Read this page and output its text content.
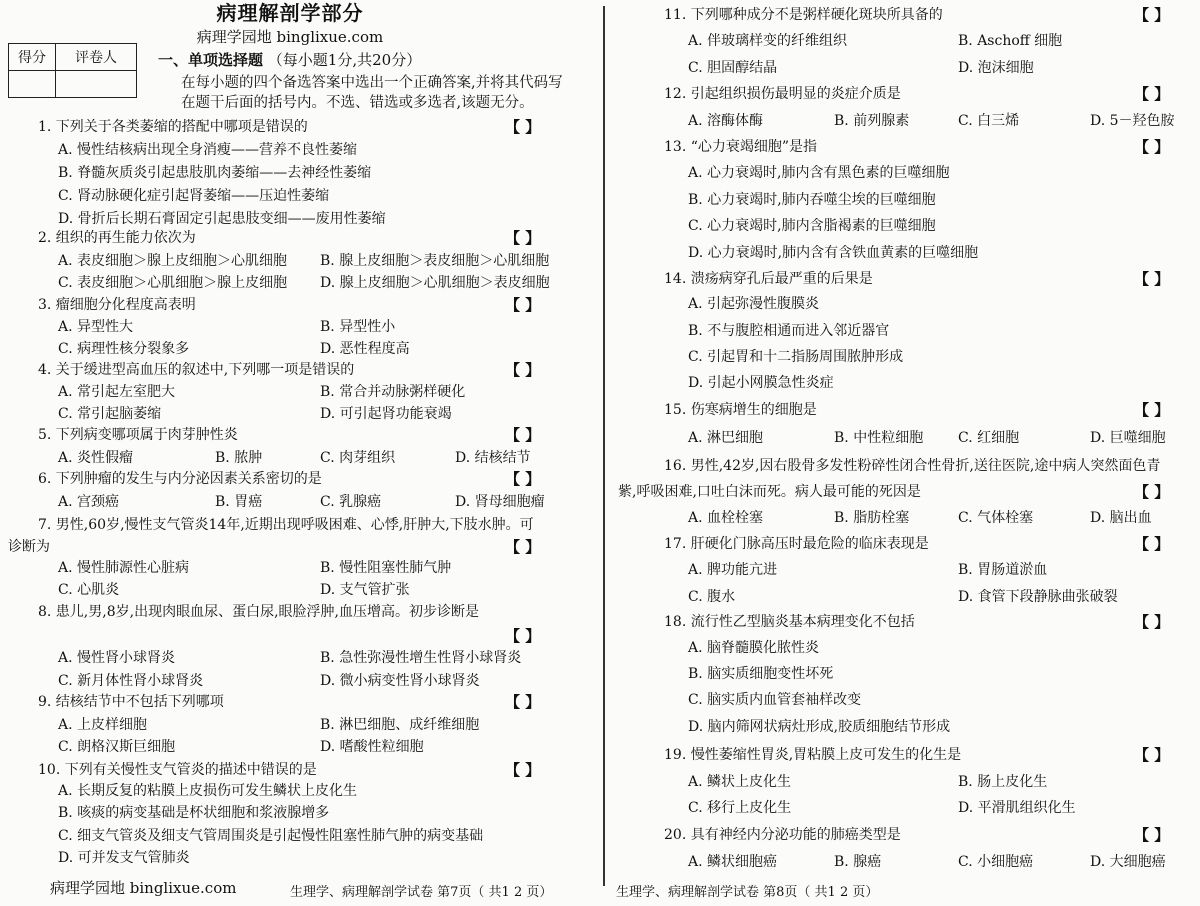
病理解剖学部分
病理学园地 binglixue.com
得分	评卷人
		一、单项选择题 （每小题1分,共20分）
在每小题的四个备选答案中选出一个正确答案,并将其代码写
在题干后面的括号内。不选、错选或多选者,该题无分。
1. 下列关于各类萎缩的搭配中哪项是错误的	【 】
A. 慢性结核病出现全身消瘦——营养不良性萎缩
B. 脊髓灰质炎引起患肢肌肉萎缩——去神经性萎缩
C. 肾动脉硬化症引起肾萎缩——压迫性萎缩
D. 骨折后长期石膏固定引起患肢变细——废用性萎缩
2. 组织的再生能力依次为	【 】
A. 表皮细胞＞腺上皮细胞＞心肌细胞 B. 腺上皮细胞＞表皮细胞＞心肌细胞
C. 表皮细胞＞心肌细胞＞腺上皮细胞 D. 腺上皮细胞＞心肌细胞＞表皮细胞
3. 瘤细胞分化程度高表明	【 】
A. 异型性大	B. 异型性小
C. 病理性核分裂象多	D. 恶性程度高
4. 关于缓进型高血压的叙述中,下列哪一项是错误的	【 】
A. 常引起左室肥大	B. 常合并动脉粥样硬化
C. 常引起脑萎缩	D. 可引起肾功能衰竭
5. 下列病变哪项属于肉芽肿性炎	【 】
A. 炎性假瘤	B. 脓肿	C. 肉芽组织	D. 结核结节
6. 下列肿瘤的发生与内分泌因素关系密切的是	【 】
A. 宫颈癌	B. 胃癌	C. 乳腺癌	D. 肾母细胞瘤
7. 男性,60岁,慢性支气管炎14年,近期出现呼吸困难、心悸,肝肿大,下肢水肿。可
诊断为	【 】
A. 慢性肺源性心脏病	B. 慢性阻塞性肺气肿
C. 心肌炎	D. 支气管扩张
8. 患儿,男,8岁,出现肉眼血尿、蛋白尿,眼脸浮肿,血压增高。初步诊断是
【 】
A. 慢性肾小球肾炎	B. 急性弥漫性增生性肾小球肾炎
C. 新月体性肾小球肾炎	D. 微小病变性肾小球肾炎
9. 结核结节中不包括下列哪项	【 】
A. 上皮样细胞	B. 淋巴细胞、成纤维细胞
C. 朗格汉斯巨细胞	D. 嗜酸性粒细胞
10. 下列有关慢性支气管炎的描述中错误的是	【 】
A. 长期反复的粘膜上皮损伤可发生鳞状上皮化生
B. 咳痰的病变基础是杯状细胞和浆液腺增多
C. 细支气管炎及细支气管周围炎是引起慢性阻塞性肺气肿的病变基础
D. 可并发支气管肺炎
病理学园地 binglixue.com	生理学、病理解剖学试卷 第7页（ 共1 2 页）
11. 下列哪种成分不是粥样硬化斑块所具备的	【 】
A. 伴玻璃样变的纤维组织	B. Aschoff 细胞
C. 胆固醇结晶	D. 泡沫细胞
12. 引起组织损伤最明显的炎症介质是	【 】
A. 溶酶体酶	B. 前列腺素	C. 白三烯	D. 5－羟色胺
13. “心力衰竭细胞”是指	【 】
A. 心力衰竭时,肺内含有黑色素的巨噬细胞
B. 心力衰竭时,肺内吞噬尘埃的巨噬细胞
C. 心力衰竭时,肺内含脂褐素的巨噬细胞
D. 心力衰竭时,肺内含有含铁血黄素的巨噬细胞
14. 溃疡病穿孔后最严重的后果是	【 】
A. 引起弥漫性腹膜炎
B. 不与腹腔相通而进入邻近器官
C. 引起胃和十二指肠周围脓肿形成
D. 引起小网膜急性炎症
15. 伤寒病增生的细胞是	【 】
A. 淋巴细胞	B. 中性粒细胞 C. 红细胞	D. 巨噬细胞
16. 男性,42岁,因右股骨多发性粉碎性闭合性骨折,送往医院,途中病人突然面色青
紫,呼吸困难,口吐白沫而死。病人最可能的死因是	【 】
A. 血栓栓塞	B. 脂肪栓塞	C. 气体栓塞	D. 脑出血
17. 肝硬化门脉高压时最危险的临床表现是	【 】
A. 脾功能亢进	B. 胃肠道淤血
C. 腹水	D. 食管下段静脉曲张破裂
18. 流行性乙型脑炎基本病理变化不包括	【 】
A. 脑脊髓膜化脓性炎
B. 脑实质细胞变性坏死
C. 脑实质内血管套袖样改变
D. 脑内筛网状病灶形成,胶质细胞结节形成
19. 慢性萎缩性胃炎,胃粘膜上皮可发生的化生是	【 】
A. 鳞状上皮化生	B. 肠上皮化生
C. 移行上皮化生	D. 平滑肌组织化生
20. 具有神经内分泌功能的肺癌类型是	【 】
A. 鳞状细胞癌	B. 腺癌	C. 小细胞癌	D. 大细胞癌
生理学、病理解剖学试卷 第8页（ 共1 2 页）
